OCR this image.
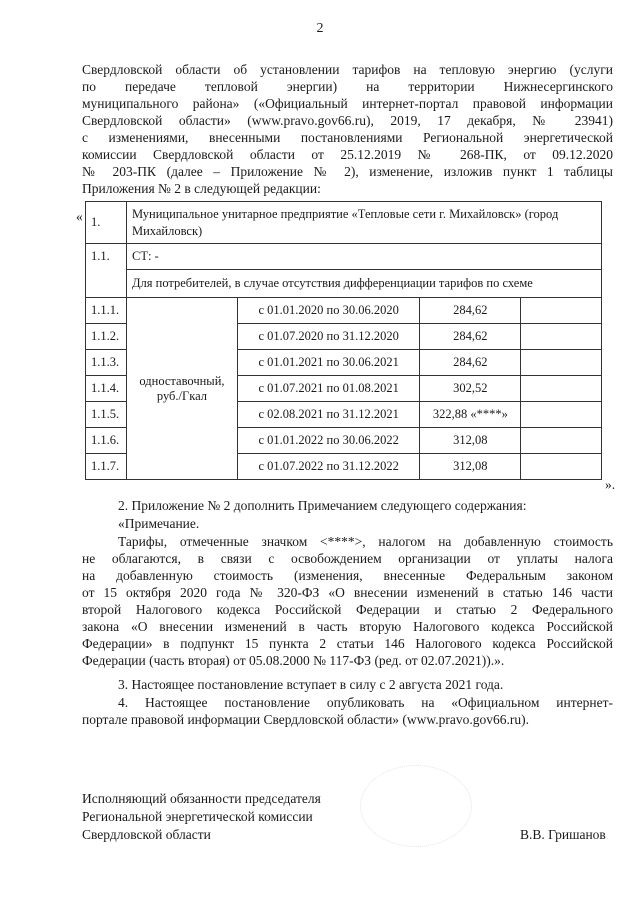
2
Свердловской области об установлении тарифов на тепловую энергию (услуги
по передаче тепловой энергии) на территории Нижнесергинского
муниципального района» («Официальный интернет-портал правовой информации
Свердловской области» (www.pravo.gov66.ru), 2019, 17 декабря, № 23941)
с изменениями, внесенными постановлениями Региональной энергетической
комиссии Свердловской области от 25.12.2019 № 268-ПК, от 09.12.2020
№ 203-ПК (далее – Приложение № 2), изменение, изложив пункт 1 таблицы
Приложения № 2 в следующей редакции:
« 1.	Муниципальное унитарное предприятие «Тепловые сети г. Михайловск» (город Михайловск)			
1.1.	СТ: -			
	Для потребителей, в случае отсутствия дифференциации тарифов по схеме			
1.1.1.	одноставочный, руб./Гкал	с 01.01.2020 по 30.06.2020	284,62	
1.1.2.		с 01.07.2020 по 31.12.2020	284,62	
1.1.3.		с 01.01.2021 по 30.06.2021	284,62	
1.1.4.		с 01.07.2021 по 01.08.2021	302,52	
1.1.5.		с 02.08.2021 по 31.12.2021	322,88 «****»	
1.1.6.		с 01.01.2022 по 30.06.2022	312,08	
1.1.7.		с 01.07.2022 по 31.12.2022	312,08	
».
2. Приложение № 2 дополнить Примечанием следующего содержания:
«Примечание.
Тарифы, отмеченные значком <****>, налогом на добавленную стоимость
не облагаются, в связи с освобождением организации от уплаты налога
на добавленную стоимость (изменения, внесенные Федеральным законом
от 15 октября 2020 года № 320-ФЗ «О внесении изменений в статью 146 части
второй Налогового кодекса Российской Федерации и статью 2 Федерального
закона «О внесении изменений в часть вторую Налогового кодекса Российской
Федерации» в подпункт 15 пункта 2 статьи 146 Налогового кодекса Российской
Федерации (часть вторая) от 05.08.2000 № 117-ФЗ (ред. от 02.07.2021)).».
3. Настоящее постановление вступает в силу с 2 августа 2021 года.
4. Настоящее постановление опубликовать на «Официальном интернет-
портале правовой информации Свердловской области» (www.pravo.gov66.ru).
Исполняющий обязанности председателя
Региональной энергетической комиссии
Свердловской области	В.В. Гришанов
